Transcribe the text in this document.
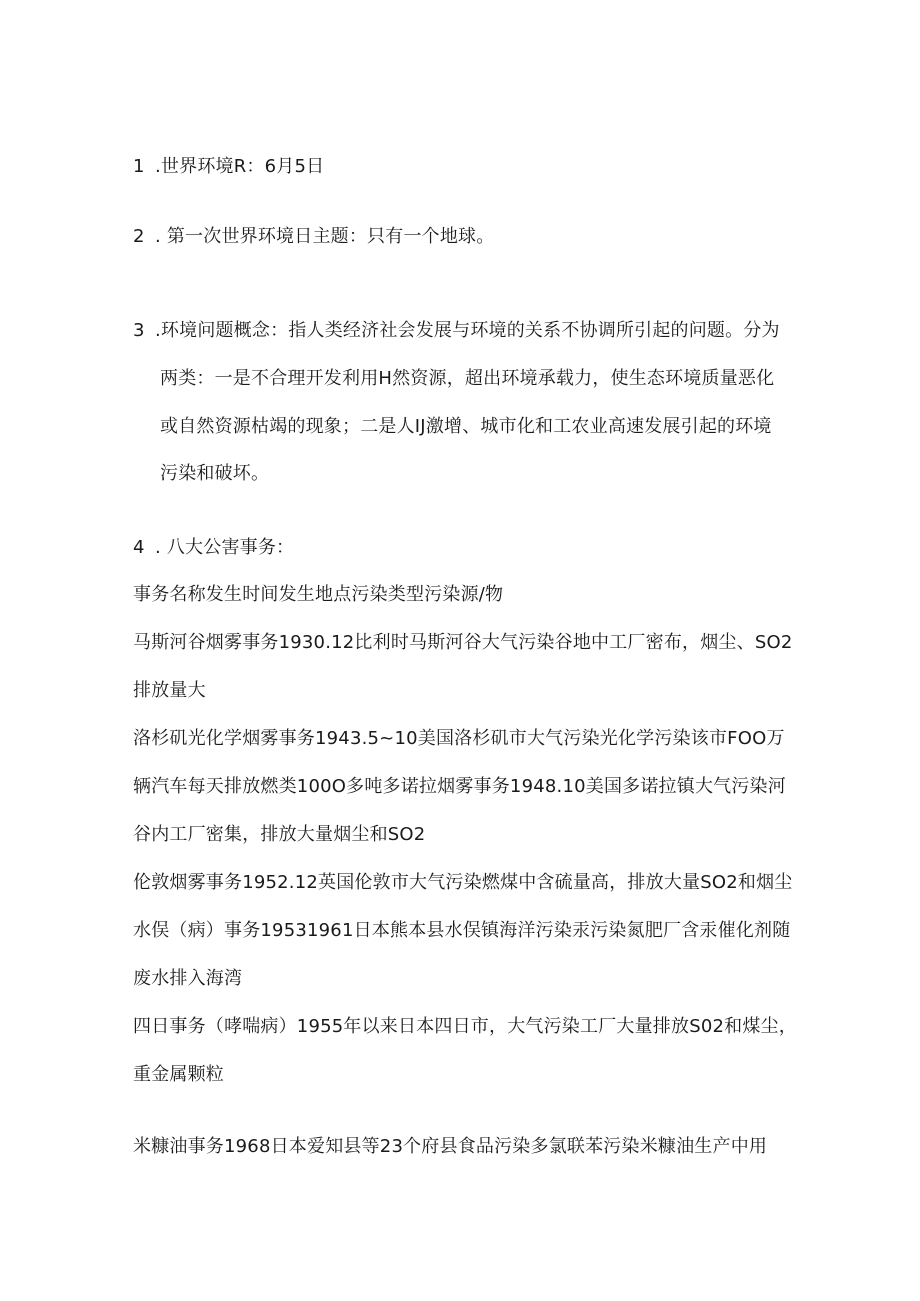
1 .世界环境R：6月5日
2 . 第一次世界环境日主题：只有一个地球。
3 .环境问题概念：指人类经济社会发展与环境的关系不协调所引起的问题。分为
两类：一是不合理开发利用H然资源，超出环境承载力，使生态环境质量恶化
或自然资源枯竭的现象；二是人IJ激增、城市化和工农业高速发展引起的环境
污染和破坏。
4 . 八大公害事务：
事务名称发生时间发生地点污染类型污染源/物
马斯河谷烟雾事务1930.12比利时马斯河谷大气污染谷地中工厂密布，烟尘、SO2
排放量大
洛杉矶光化学烟雾事务1943.5~10美国洛杉矶市大气污染光化学污染该市FOO万
辆汽车每天排放燃类100O多吨多诺拉烟雾事务1948.10美国多诺拉镇大气污染河
谷内工厂密集，排放大量烟尘和SO2
伦敦烟雾事务1952.12英国伦敦市大气污染燃煤中含硫量高，排放大量SO2和烟尘
水俣（病）事务19531961日本熊本县水俣镇海洋污染汞污染氮肥厂含汞催化剂随
废水排入海湾
四日事务（哮喘病）1955年以来日本四日市，大气污染工厂大量排放S02和煤尘，
重金属颗粒
米糠油事务1968日本爱知县等23个府县食品污染多氯联苯污染米糠油生产中用
